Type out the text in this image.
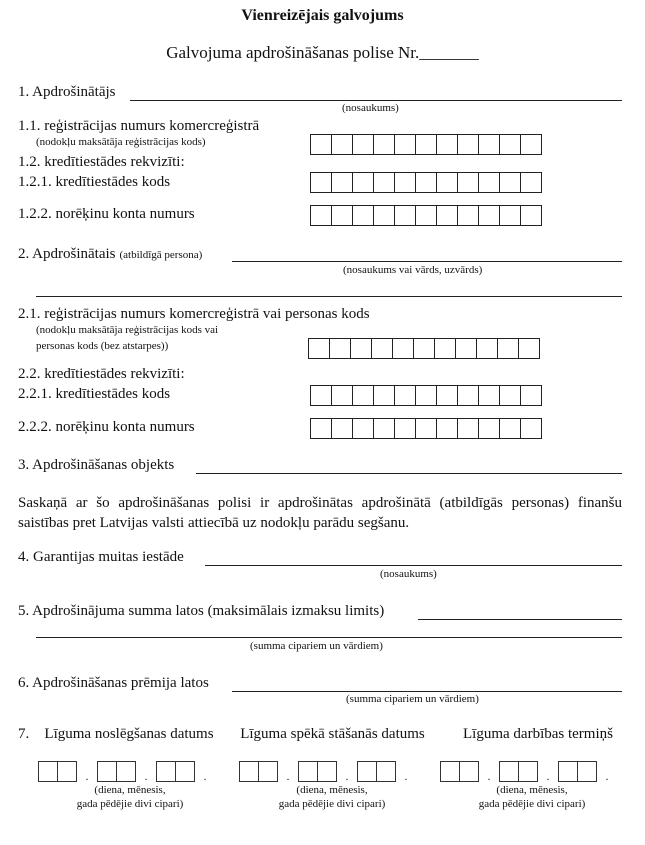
Vienreizējais galvojums
Galvojuma apdrošināšanas polise Nr._______
1. Apdrošinātājs
(nosaukums)
1.1. reģistrācijas numurs komercreģistrā
(nodokļu maksātāja reģistrācijas kods)
1.2. kredītiestādes rekvizīti:
1.2.1. kredītiestādes kods
1.2.2. norēķinu konta numurs
2. Apdrošinātais (atbildīgā persona)
(nosaukums vai vārds, uzvārds)
2.1. reģistrācijas numurs komercreģistrā vai personas kods
(nodokļu maksātāja reģistrācijas kods vai
personas kods (bez atstarpes))
2.2. kredītiestādes rekvizīti:
2.2.1. kredītiestādes kods
2.2.2. norēķinu konta numurs
3. Apdrošināšanas objekts
Saskaņā ar šo apdrošināšanas polisi ir apdrošinātas apdrošinātā (atbildīgās personas) finanšu saistības pret Latvijas valsti attiecībā uz nodokļu parādu segšanu.
4. Garantijas muitas iestāde
(nosaukums)
5. Apdrošinājuma summa latos (maksimālais izmaksu limits)
(summa cipariem un vārdiem)
6. Apdrošināšanas prēmija latos
(summa cipariem un vārdiem)
7.	Līguma noslēgšanas datums
.	.	.
(diena, mēnesis,
gada pēdējie divi cipari)
Līguma spēkā stāšanās datums
.	.	.
(diena, mēnesis,
gada pēdējie divi cipari)
Līguma darbības termiņš
.	.	.
(diena, mēnesis,
gada pēdējie divi cipari)
